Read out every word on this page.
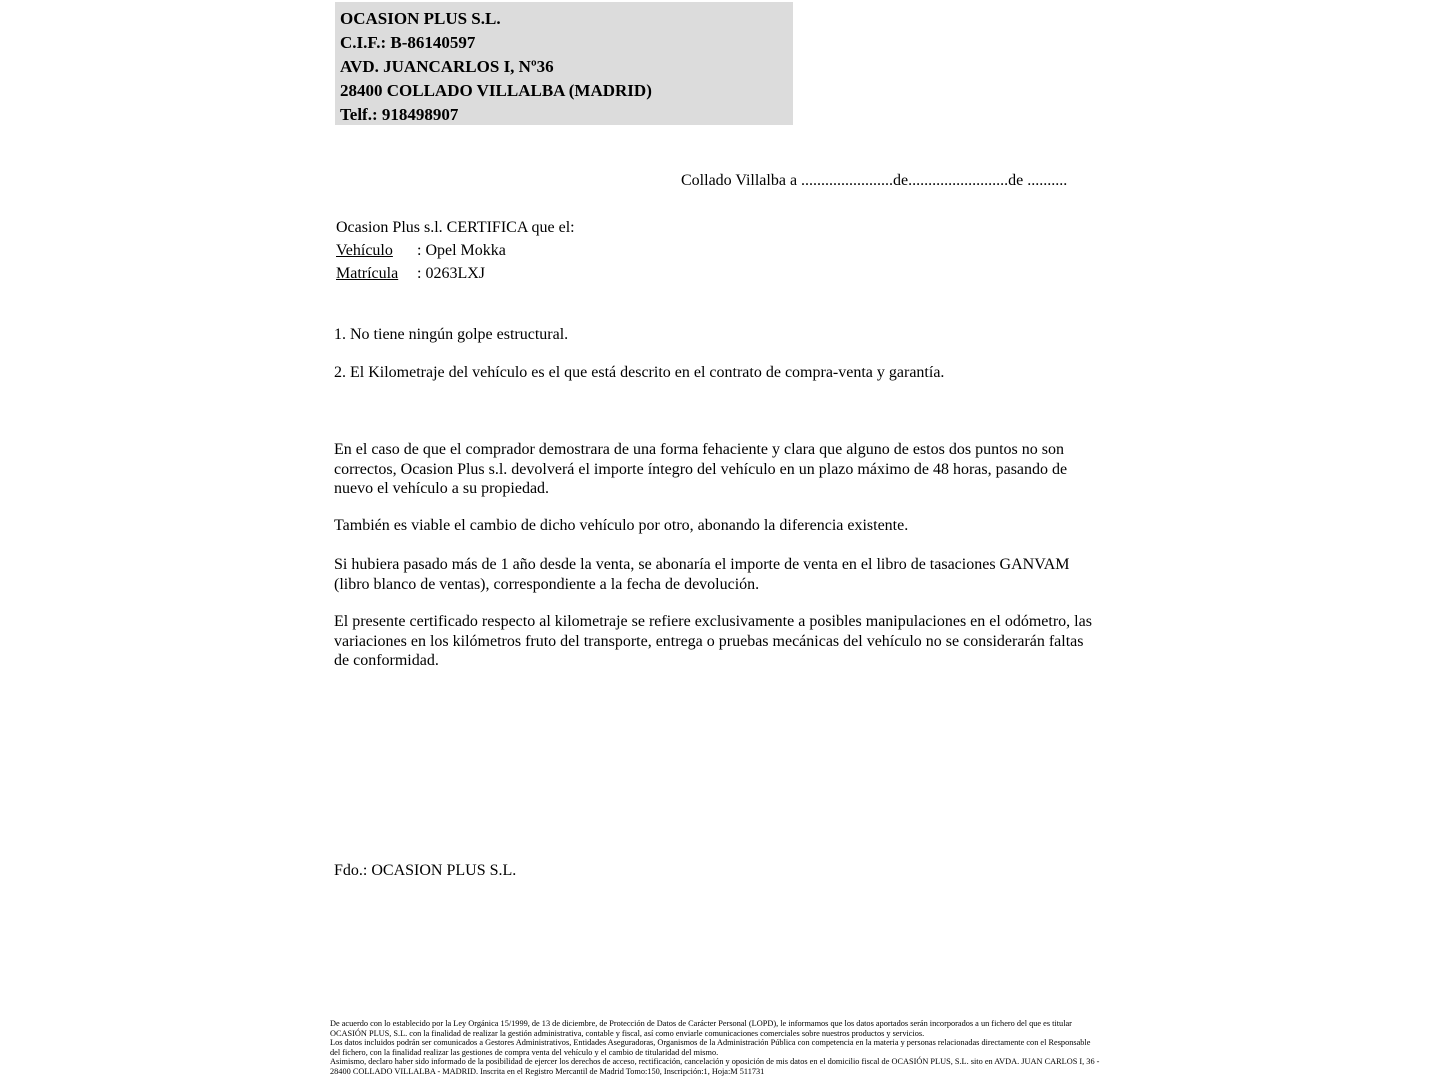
OCASION PLUS S.L.
C.I.F.: B-86140597
AVD. JUANCARLOS I, Nº36
28400 COLLADO VILLALBA (MADRID)
Telf.: 918498907
Collado Villalba a .......................de.........................de ..........
Ocasion Plus s.l. CERTIFICA que el:
Vehículo : Opel Mokka
Matrícula : 0263LXJ
1. No tiene ningún golpe estructural.
2. El Kilometraje del vehículo es el que está descrito en el contrato de compra-venta y garantía.
En el caso de que el comprador demostrara de una forma fehaciente y clara que alguno de estos dos puntos no son correctos, Ocasion Plus s.l. devolverá el importe íntegro del vehículo en un plazo máximo de 48 horas, pasando de nuevo el vehículo a su propiedad.
También es viable el cambio de dicho vehículo por otro, abonando la diferencia existente.
Si hubiera pasado más de 1 año desde la venta, se abonaría el importe de venta en el libro de tasaciones GANVAM (libro blanco de ventas), correspondiente a la fecha de devolución.
El presente certificado respecto al kilometraje se refiere exclusivamente a posibles manipulaciones en el odómetro, las variaciones en los kilómetros fruto del transporte, entrega o pruebas mecánicas del vehículo no se considerarán faltas de conformidad.
Fdo.: OCASION PLUS S.L.

De acuerdo con lo establecido por la Ley Orgánica 15/1999, de 13 de diciembre, de Protección de Datos de Carácter Personal (LOPD), le informamos que los datos aportados serán incorporados a un fichero del que es titular OCASIÓN PLUS, S.L. con la finalidad de realizar la gestión administrativa, contable y fiscal, así como enviarle comunicaciones comerciales sobre nuestros productos y servicios.

Los datos incluidos podrán ser comunicados a Gestores Administrativos, Entidades Aseguradoras, Organismos de la Administración Pública con competencia en la materia y personas relacionadas directamente con el Responsable del fichero, con la finalidad realizar las gestiones de compra venta del vehículo y el cambio de titularidad del mismo.

Asimismo, declaro haber sido informado de la posibilidad de ejercer los derechos de acceso, rectificación, cancelación y oposición de mis datos en el domicilio fiscal de OCASIÓN PLUS, S.L. sito en AVDA. JUAN CARLOS I, 36 - 28400 COLLADO VILLALBA - MADRID. Inscrita en el Registro Mercantil de Madrid Tomo:150, Inscripción:1, Hoja:M 511731
